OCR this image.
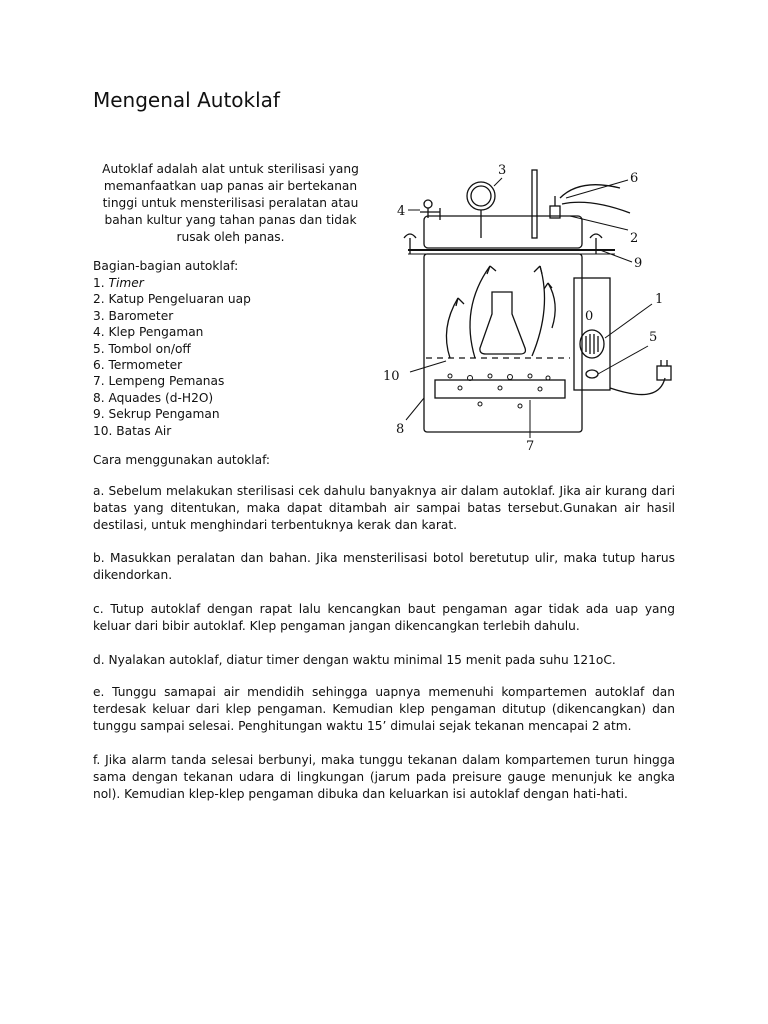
Mengenal Autoklaf

Autoklaf adalah alat untuk sterilisasi yang memanfaatkan uap panas air bertekanan tinggi untuk mensterilisasi peralatan atau bahan kultur yang tahan panas dan tidak rusak oleh panas.

Bagian-bagian autoklaf:

1. Timer
2. Katup Pengeluaran uap
3. Barometer
4. Klep Pengaman
5. Tombol on/off
6. Termometer
7. Lempeng Pemanas
8. Aquades (d-H2O)
9. Sekrup Pengaman
10. Batas Air
0
1
2
3
4
5
6
7
8
9
10

Cara menggunakan autoklaf:

a. Sebelum melakukan sterilisasi cek dahulu banyaknya air dalam autoklaf. Jika air kurang dari batas yang ditentukan, maka dapat ditambah air sampai batas tersebut.Gunakan air hasil destilasi, untuk menghindari terbentuknya kerak dan karat.

b. Masukkan peralatan dan bahan. Jika mensterilisasi botol beretutup ulir, maka tutup harus dikendorkan.

c. Tutup autoklaf dengan rapat lalu kencangkan baut pengaman agar tidak ada uap yang keluar dari bibir autoklaf. Klep pengaman jangan dikencangkan terlebih dahulu.

d. Nyalakan autoklaf, diatur timer dengan waktu minimal 15 menit pada suhu 121oC.

e. Tunggu samapai air mendidih sehingga uapnya memenuhi kompartemen autoklaf dan terdesak keluar dari klep pengaman. Kemudian klep pengaman ditutup (dikencangkan) dan tunggu sampai selesai. Penghitungan waktu 15’ dimulai sejak tekanan mencapai 2 atm.

f. Jika alarm tanda selesai berbunyi, maka tunggu tekanan dalam kompartemen turun hingga sama dengan tekanan udara di lingkungan (jarum pada preisure gauge menunjuk ke angka nol). Kemudian klep-klep pengaman dibuka dan keluarkan isi autoklaf dengan hati-hati.
